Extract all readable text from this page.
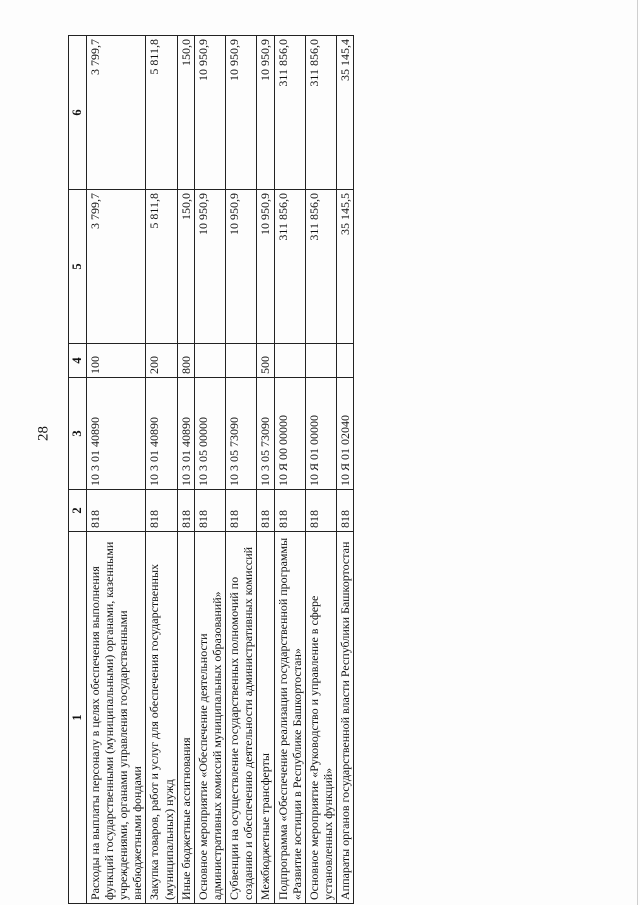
28
1	2	3	4	5	6
Расходы на выплаты персоналу в целях обеспечения выполнения функций государственными (муниципальными) органами, казенными учреждениями, органами управления государственными внебюджетными фондами	818	10 3 01 40890	100	3 799,7	3 799,7
Закупка товаров, работ и услуг для обеспечения государственных (муниципальных) нужд	818	10 3 01 40890	200	5 811,8	5 811,8
Иные бюджетные ассигнования	818	10 3 01 40890	800	150,0	150,0
Основное мероприятие «Обеспечение деятельности административных комиссий муниципальных образований»	818	10 3 05 00000		10 950,9	10 950,9
Субвенции на осуществление государственных полномочий по созданию и обеспечению деятельности административных комиссий	818	10 3 05 73090		10 950,9	10 950,9
Межбюджетные трансферты	818	10 3 05 73090	500	10 950,9	10 950,9
Подпрограмма «Обеспечение реализации государственной программы «Развитие юстиции в Республике Башкортостан»	818	10 Я 00 00000		311 856,0	311 856,0
Основное мероприятие «Руководство и управление в сфере установленных функций»	818	10 Я 01 00000		311 856,0	311 856,0
Аппараты органов государственной власти Республики Башкортостан	818	10 Я 01 02040		35 145,5	35 145,4
